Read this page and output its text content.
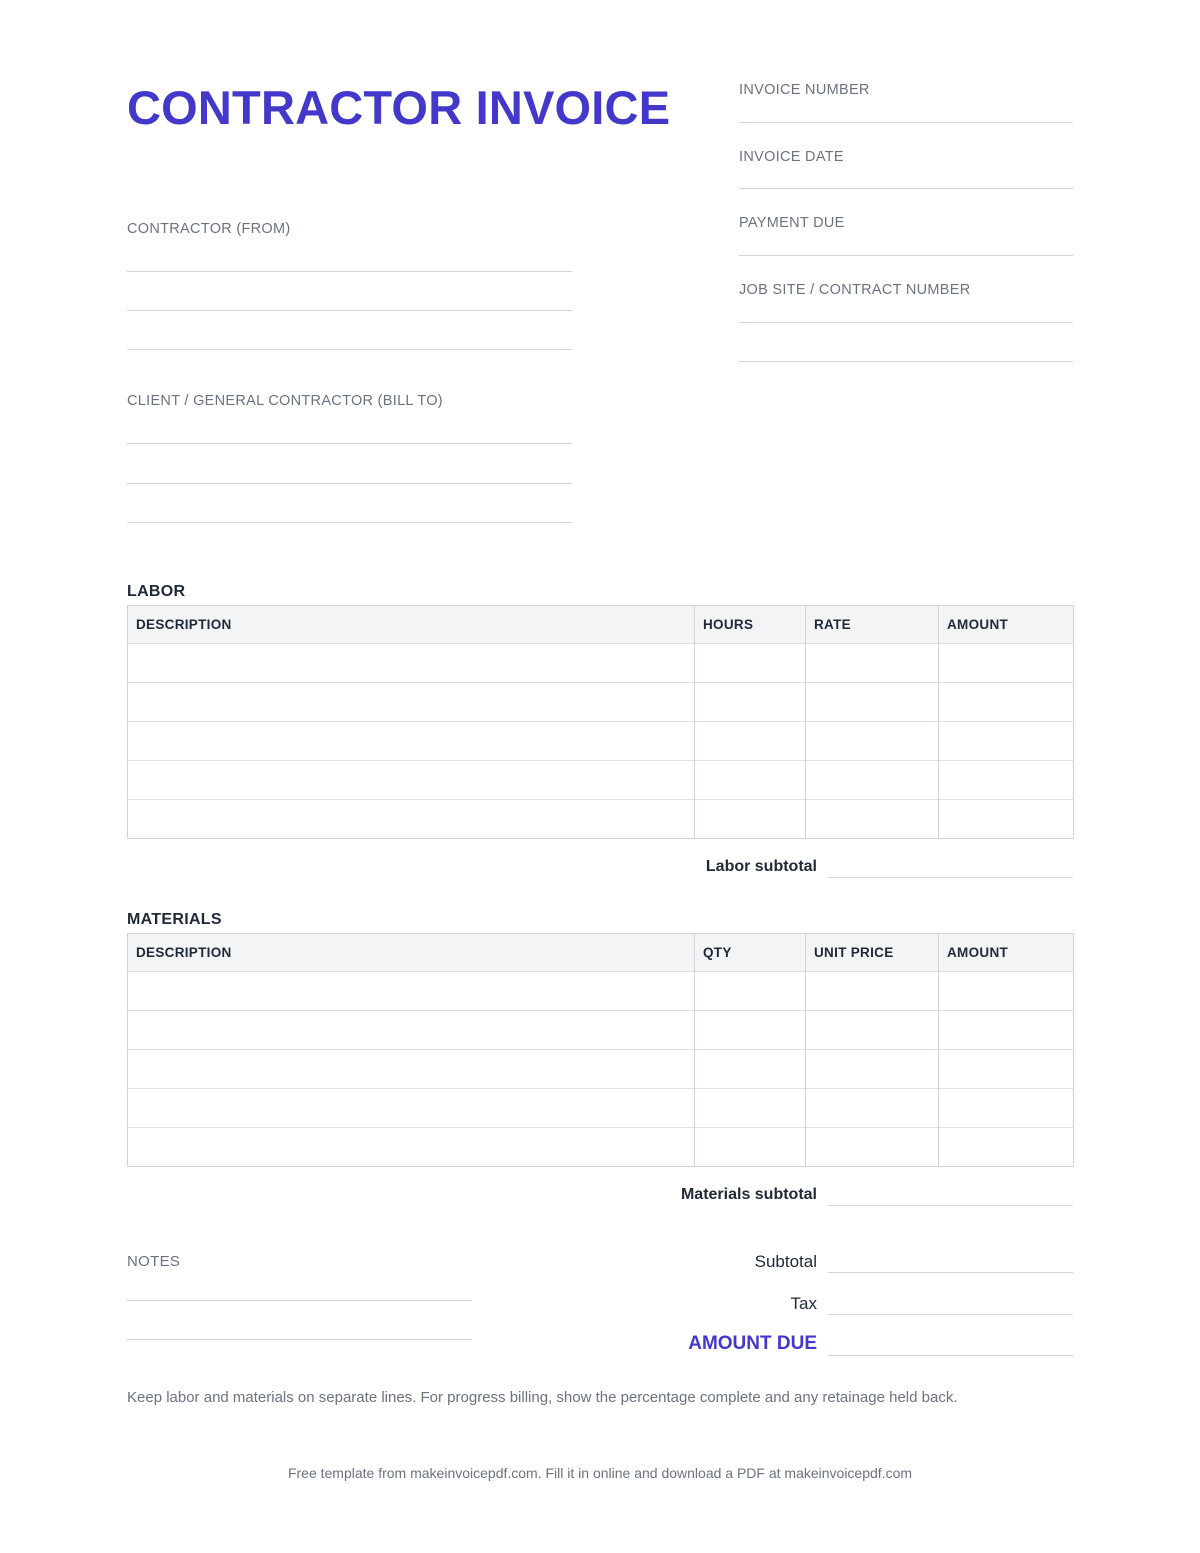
CONTRACTOR INVOICE	INVOICE NUMBER
INVOICE DATE
PAYMENT DUE
JOB SITE / CONTRACT NUMBER
CONTRACTOR (FROM)
CLIENT / GENERAL CONTRACTOR (BILL TO)
LABOR
DESCRIPTION	HOURS	RATE	AMOUNT

Labor subtotal
MATERIALS
DESCRIPTION	QTY	UNIT PRICE	AMOUNT

Materials subtotal
NOTES	Subtotal
Tax
AMOUNT DUE
Keep labor and materials on separate lines. For progress billing, show the percentage complete and any retainage held back.
Free template from makeinvoicepdf.com. Fill it in online and download a PDF at makeinvoicepdf.com
